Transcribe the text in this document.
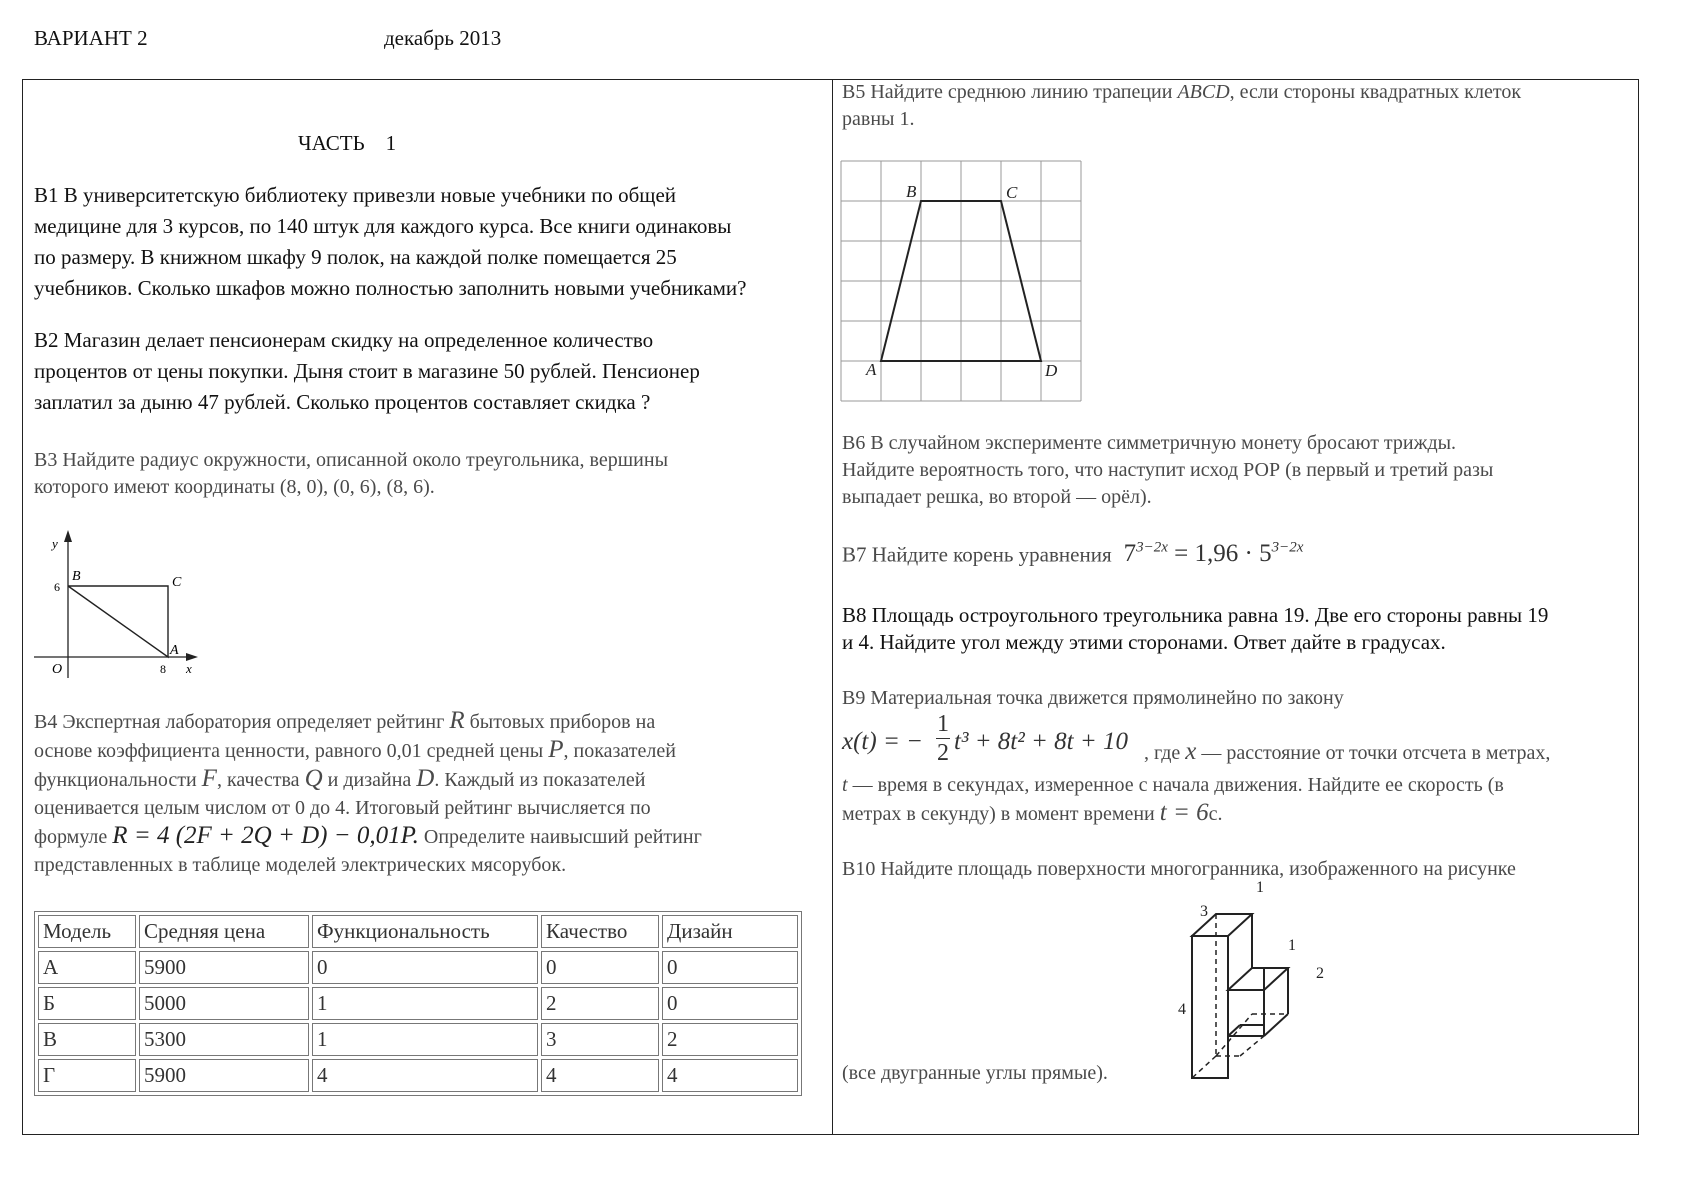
ВАРИАНТ 2	декабрь 2013
ЧАСТЬ    1
В1 В университетскую библиотеку привезли новые учебники по общей
медицине для 3 курсов, по 140 штук для каждого курса. Все книги одинаковы
по размеру. В книжном шкафу 9 полок, на каждой полке помещается 25
учебников. Сколько шкафов можно полностью заполнить новыми учебниками?
В2 Магазин делает пенсионерам скидку на определенное количество
процентов от цены покупки. Дыня стоит в магазине 50 рублей. Пенсионер
заплатил за дыню 47 рублей. Сколько процентов составляет скидка ?
В3 Найдите радиус окружности, описанной около треугольника, вершины
которого имеют координаты (8, 0), (0, 6), (8, 6).
y
x
O
6
8
B	C
A
В4 Экспертная лаборатория определяет рейтинг R бытовых приборов на
основе коэффициента ценности, равного 0,01 средней цены P, показателей
функциональности F, качества Q и дизайна D. Каждый из показателей
оценивается целым числом от 0 до 4. Итоговый рейтинг вычисляется по
формуле R = 4 (2F + 2Q + D) − 0,01P. Определите наивысший рейтинг
представленных в таблице моделей электрических мясорубок.
Модель	Средняя цена	Функциональность	Качество	Дизайн
А	5900	0	0	0
Б	5000	1	2	0
В	5300	1	3	2
Г	5900	4	4	4
В5 Найдите среднюю линию трапеции ABCD, если стороны квадратных клеток
равны 1.
B	C
A	D
В6 В случайном эксперименте симметричную монету бросают трижды.
Найдите вероятность того, что наступит исход РОР (в первый и третий разы
выпадает решка, во второй — орёл).
В7 Найдите корень уравнения $7^{3-2x} = 1,96 \cdot 5^{3-2x}$
В8 Площадь остроугольного треугольника равна 19. Две его стороны равны 19
и 4. Найдите угол между этими сторонами. Ответ дайте в градусах.
В9 Материальная точка движется прямолинейно по закону
x(t) = −
1
2 t³ + 8t² + 8t + 10 , где x — расстояние от точки отсчета в метрах,
t — время в секундах, измеренное с начала движения. Найдите ее скорость (в
метрах в секунду) в момент времени t = 6с.
В10 Найдите площадь поверхности многогранника, изображенного на рисунке
(все двугранные углы прямые).
1
3
1
2
4
